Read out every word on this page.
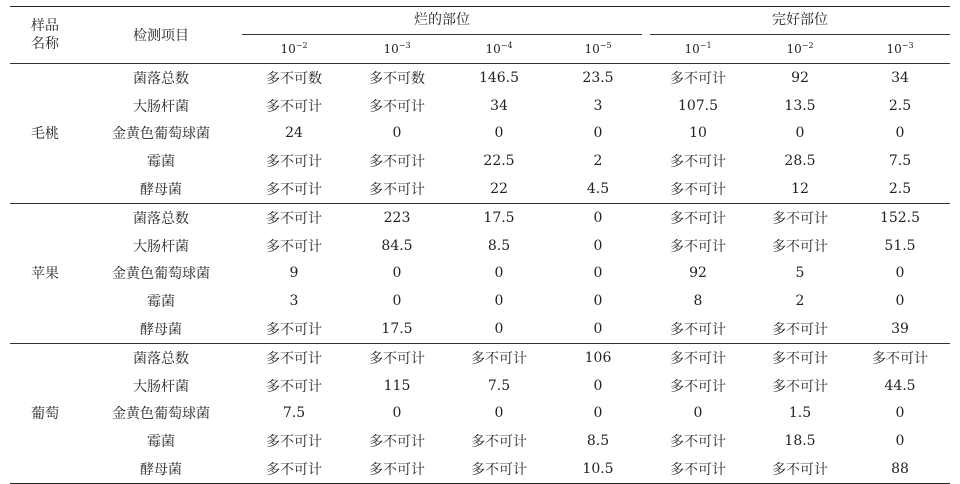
样品
名称	检测项目	烂的部位				完好部位		

		$10^{-2}$	$10^{-3}$	$10^{-4}$	$10^{-5}$	$10^{-1}$	$10^{-2}$	$10^{-3}$
毛桃	菌落总数	多不可数	多不可数	146.5	23.5	多不可计	92	34
	大肠杆菌	多不可计	多不可计	34	3	107.5	13.5	2.5
	金黄色葡萄球菌	24	0	0	0	10	0	0
	霉菌	多不可计	多不可计	22.5	2	多不可计	28.5	7.5
	酵母菌	多不可计	多不可计	22	4.5	多不可计	12	2.5
苹果	菌落总数	多不可计	223	17.5	0	多不可计	多不可计	152.5
	大肠杆菌	多不可计	84.5	8.5	0	多不可计	多不可计	51.5
	金黄色葡萄球菌	9	0	0	0	92	5	0
	霉菌	3	0	0	0	8	2	0
	酵母菌	多不可计	17.5	0	0	多不可计	多不可计	39
葡萄	菌落总数	多不可计	多不可计	多不可计	106	多不可计	多不可计	多不可计
	大肠杆菌	多不可计	115	7.5	0	多不可计	多不可计	44.5
	金黄色葡萄球菌	7.5	0	0	0	0	1.5	0
	霉菌	多不可计	多不可计	多不可计	8.5	多不可计	18.5	0
	酵母菌	多不可计	多不可计	多不可计	10.5	多不可计	多不可计	88
